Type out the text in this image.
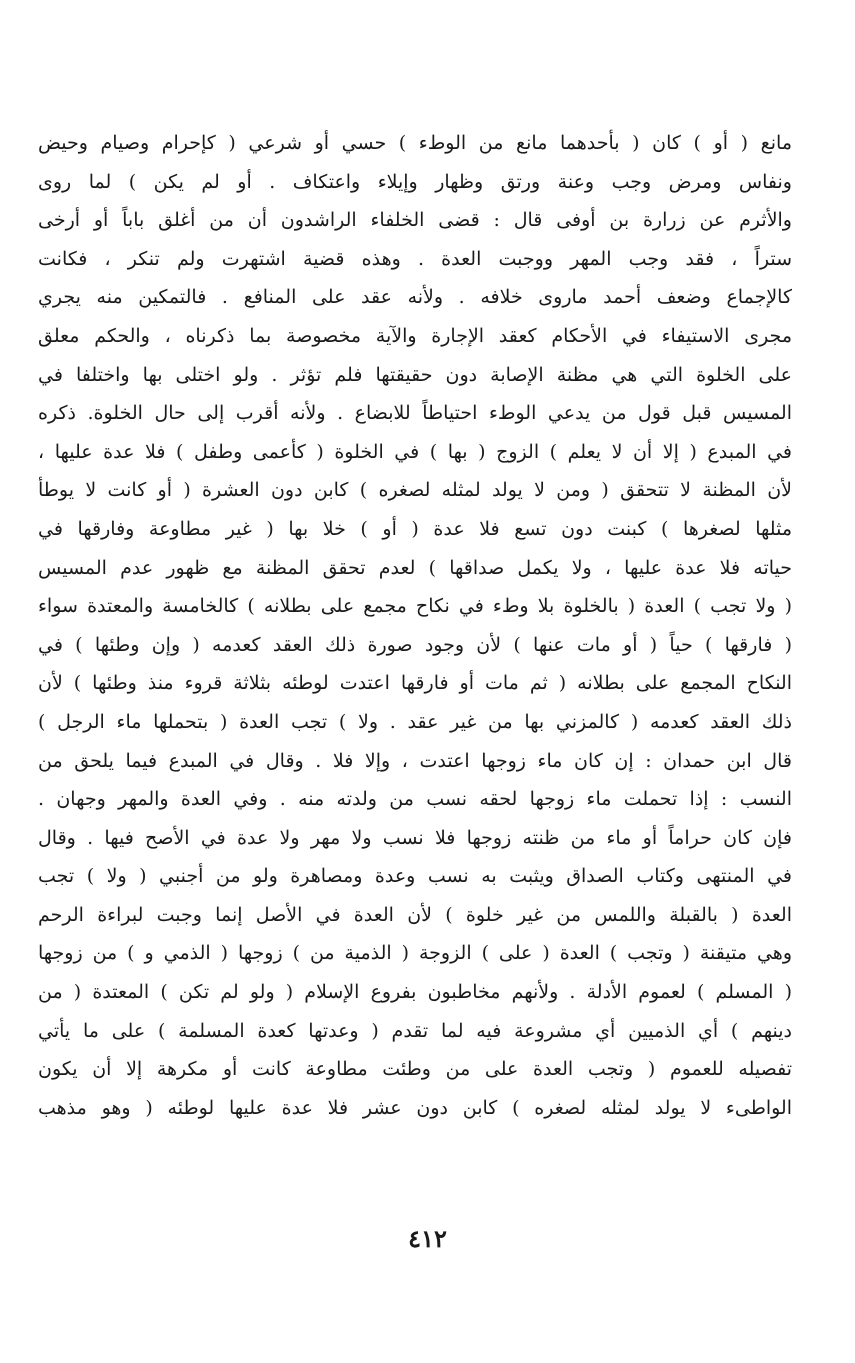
مانع ( أو ) كان ( بأحدهما مانع من الوطء ) حسي أو شرعي ( كإحرام وصيام وحيض
ونفاس ومرض وجب وعنة ورتق وظهار وإيلاء واعتكاف . أو لم يكن ) لما روى
والأثرم عن زرارة بن أوفى قال : قضى الخلفاء الراشدون أن من أغلق باباً أو أرخى
ستراً ، فقد وجب المهر ووجبت العدة . وهذه قضية اشتهرت ولم تنكر ، فكانت
كالإجماع وضعف أحمد ماروى خلافه . ولأنه عقد على المنافع . فالتمكين منه يجري
مجرى الاستيفاء في الأحكام كعقد الإجارة والآية مخصوصة بما ذكرناه ، والحكم معلق
على الخلوة التي هي مظنة الإصابة دون حقيقتها فلم تؤثر . ولو اختلى بها واختلفا في
المسيس قبل قول من يدعي الوطء احتياطاً للابضاع . ولأنه أقرب إلى حال الخلوة. ذكره
في المبدع ( إلا أن لا يعلم ) الزوج ( بها ) في الخلوة ( كأعمى وطفل ) فلا عدة عليها ،
لأن المظنة لا تتحقق ( ومن لا يولد لمثله لصغره ) كابن دون العشرة ( أو كانت لا يوطأ
مثلها لصغرها ) كبنت دون تسع فلا عدة ( أو ) خلا بها ( غير مطاوعة وفارقها في
حياته فلا عدة عليها ، ولا يكمل صداقها ) لعدم تحقق المظنة مع ظهور عدم المسيس
( ولا تجب ) العدة ( بالخلوة بلا وطء في نكاح مجمع على بطلانه ) كالخامسة والمعتدة سواء
( فارقها ) حياً ( أو مات عنها ) لأن وجود صورة ذلك العقد كعدمه ( وإن وطئها ) في
النكاح المجمع على بطلانه ( ثم مات أو فارقها اعتدت لوطئه بثلاثة قروء منذ وطئها ) لأن
ذلك العقد كعدمه ( كالمزني بها من غير عقد . ولا ) تجب العدة ( بتحملها ماء الرجل )
قال ابن حمدان : إن كان ماء زوجها اعتدت ، وإلا فلا . وقال في المبدع فيما يلحق من
النسب : إذا تحملت ماء زوجها لحقه نسب من ولدته منه . وفي العدة والمهر وجهان .
فإن كان حراماً أو ماء من ظنته زوجها فلا نسب ولا مهر ولا عدة في الأصح فيها . وقال
في المنتهى وكتاب الصداق ويثبت به نسب وعدة ومصاهرة ولو من أجنبي ( ولا ) تجب
العدة ( بالقبلة واللمس من غير خلوة ) لأن العدة في الأصل إنما وجبت لبراءة الرحم
وهي متيقنة ( وتجب ) العدة ( على ) الزوجة ( الذمية من ) زوجها ( الذمي و ) من زوجها
( المسلم ) لعموم الأدلة . ولأنهم مخاطبون بفروع الإسلام ( ولو لم تكن ) المعتدة ( من
دينهم ) أي الذميين أي مشروعة فيه لما تقدم ( وعدتها كعدة المسلمة ) على ما يأتي
تفصيله للعموم ( وتجب العدة على من وطئت مطاوعة كانت أو مكرهة إلا أن يكون
الواطىء لا يولد لمثله لصغره ) كابن دون عشر فلا عدة عليها لوطئه ( وهو مذهب
٤١٢
